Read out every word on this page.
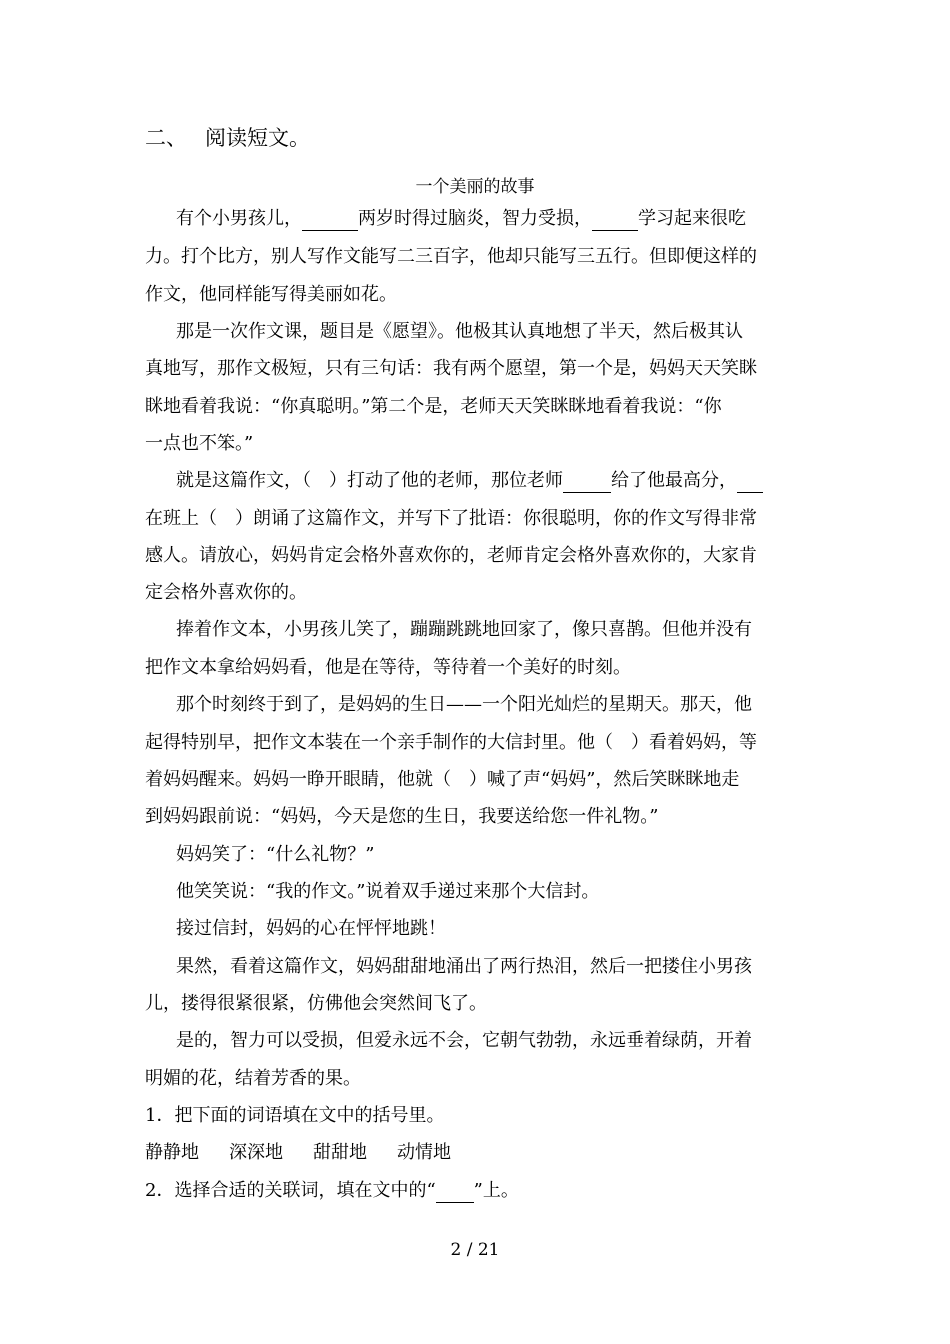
二、 阅读短文。
一个美丽的故事
有个小男孩儿，	两岁时得过脑炎，智力受损，	学习起来很吃
力。打个比方，别人写作文能写二三百字，他却只能写三五行。但即便这样的
作文，他同样能写得美丽如花。
那是一次作文课，题目是《愿望》。他极其认真地想了半天，然后极其认
真地写，那作文极短，只有三句话：我有两个愿望，第一个是，妈妈天天笑眯
眯地看着我说：“你真聪明。”第二个是，老师天天笑眯眯地看着我说：“你
一点也不笨。”
就是这篇作文，（　）打动了他的老师，那位老师	给了他最高分，
在班上（　）朗诵了这篇作文，并写下了批语：你很聪明，你的作文写得非常
感人。请放心，妈妈肯定会格外喜欢你的，老师肯定会格外喜欢你的，大家肯
定会格外喜欢你的。
捧着作文本，小男孩儿笑了，蹦蹦跳跳地回家了，像只喜鹊。但他并没有
把作文本拿给妈妈看，他是在等待，等待着一个美好的时刻。
那个时刻终于到了，是妈妈的生日——一个阳光灿烂的星期天。那天，他
起得特别早，把作文本装在一个亲手制作的大信封里。他（　）看着妈妈，等
着妈妈醒来。妈妈一睁开眼睛，他就（　）喊了声“妈妈”，然后笑眯眯地走
到妈妈跟前说：“妈妈，今天是您的生日，我要送给您一件礼物。”
妈妈笑了：“什么礼物？”
他笑笑说：“我的作文。”说着双手递过来那个大信封。
接过信封，妈妈的心在怦怦地跳！
果然，看着这篇作文，妈妈甜甜地涌出了两行热泪，然后一把搂住小男孩
儿，搂得很紧很紧，仿佛他会突然间飞了。
是的，智力可以受损，但爱永远不会，它朝气勃勃，永远垂着绿荫，开着
明媚的花，结着芳香的果。
1．把下面的词语填在文中的括号里。
静静地 深深地 甜甜地 动情地
2．选择合适的关联词，填在文中的“ ”上。
2 / 21
